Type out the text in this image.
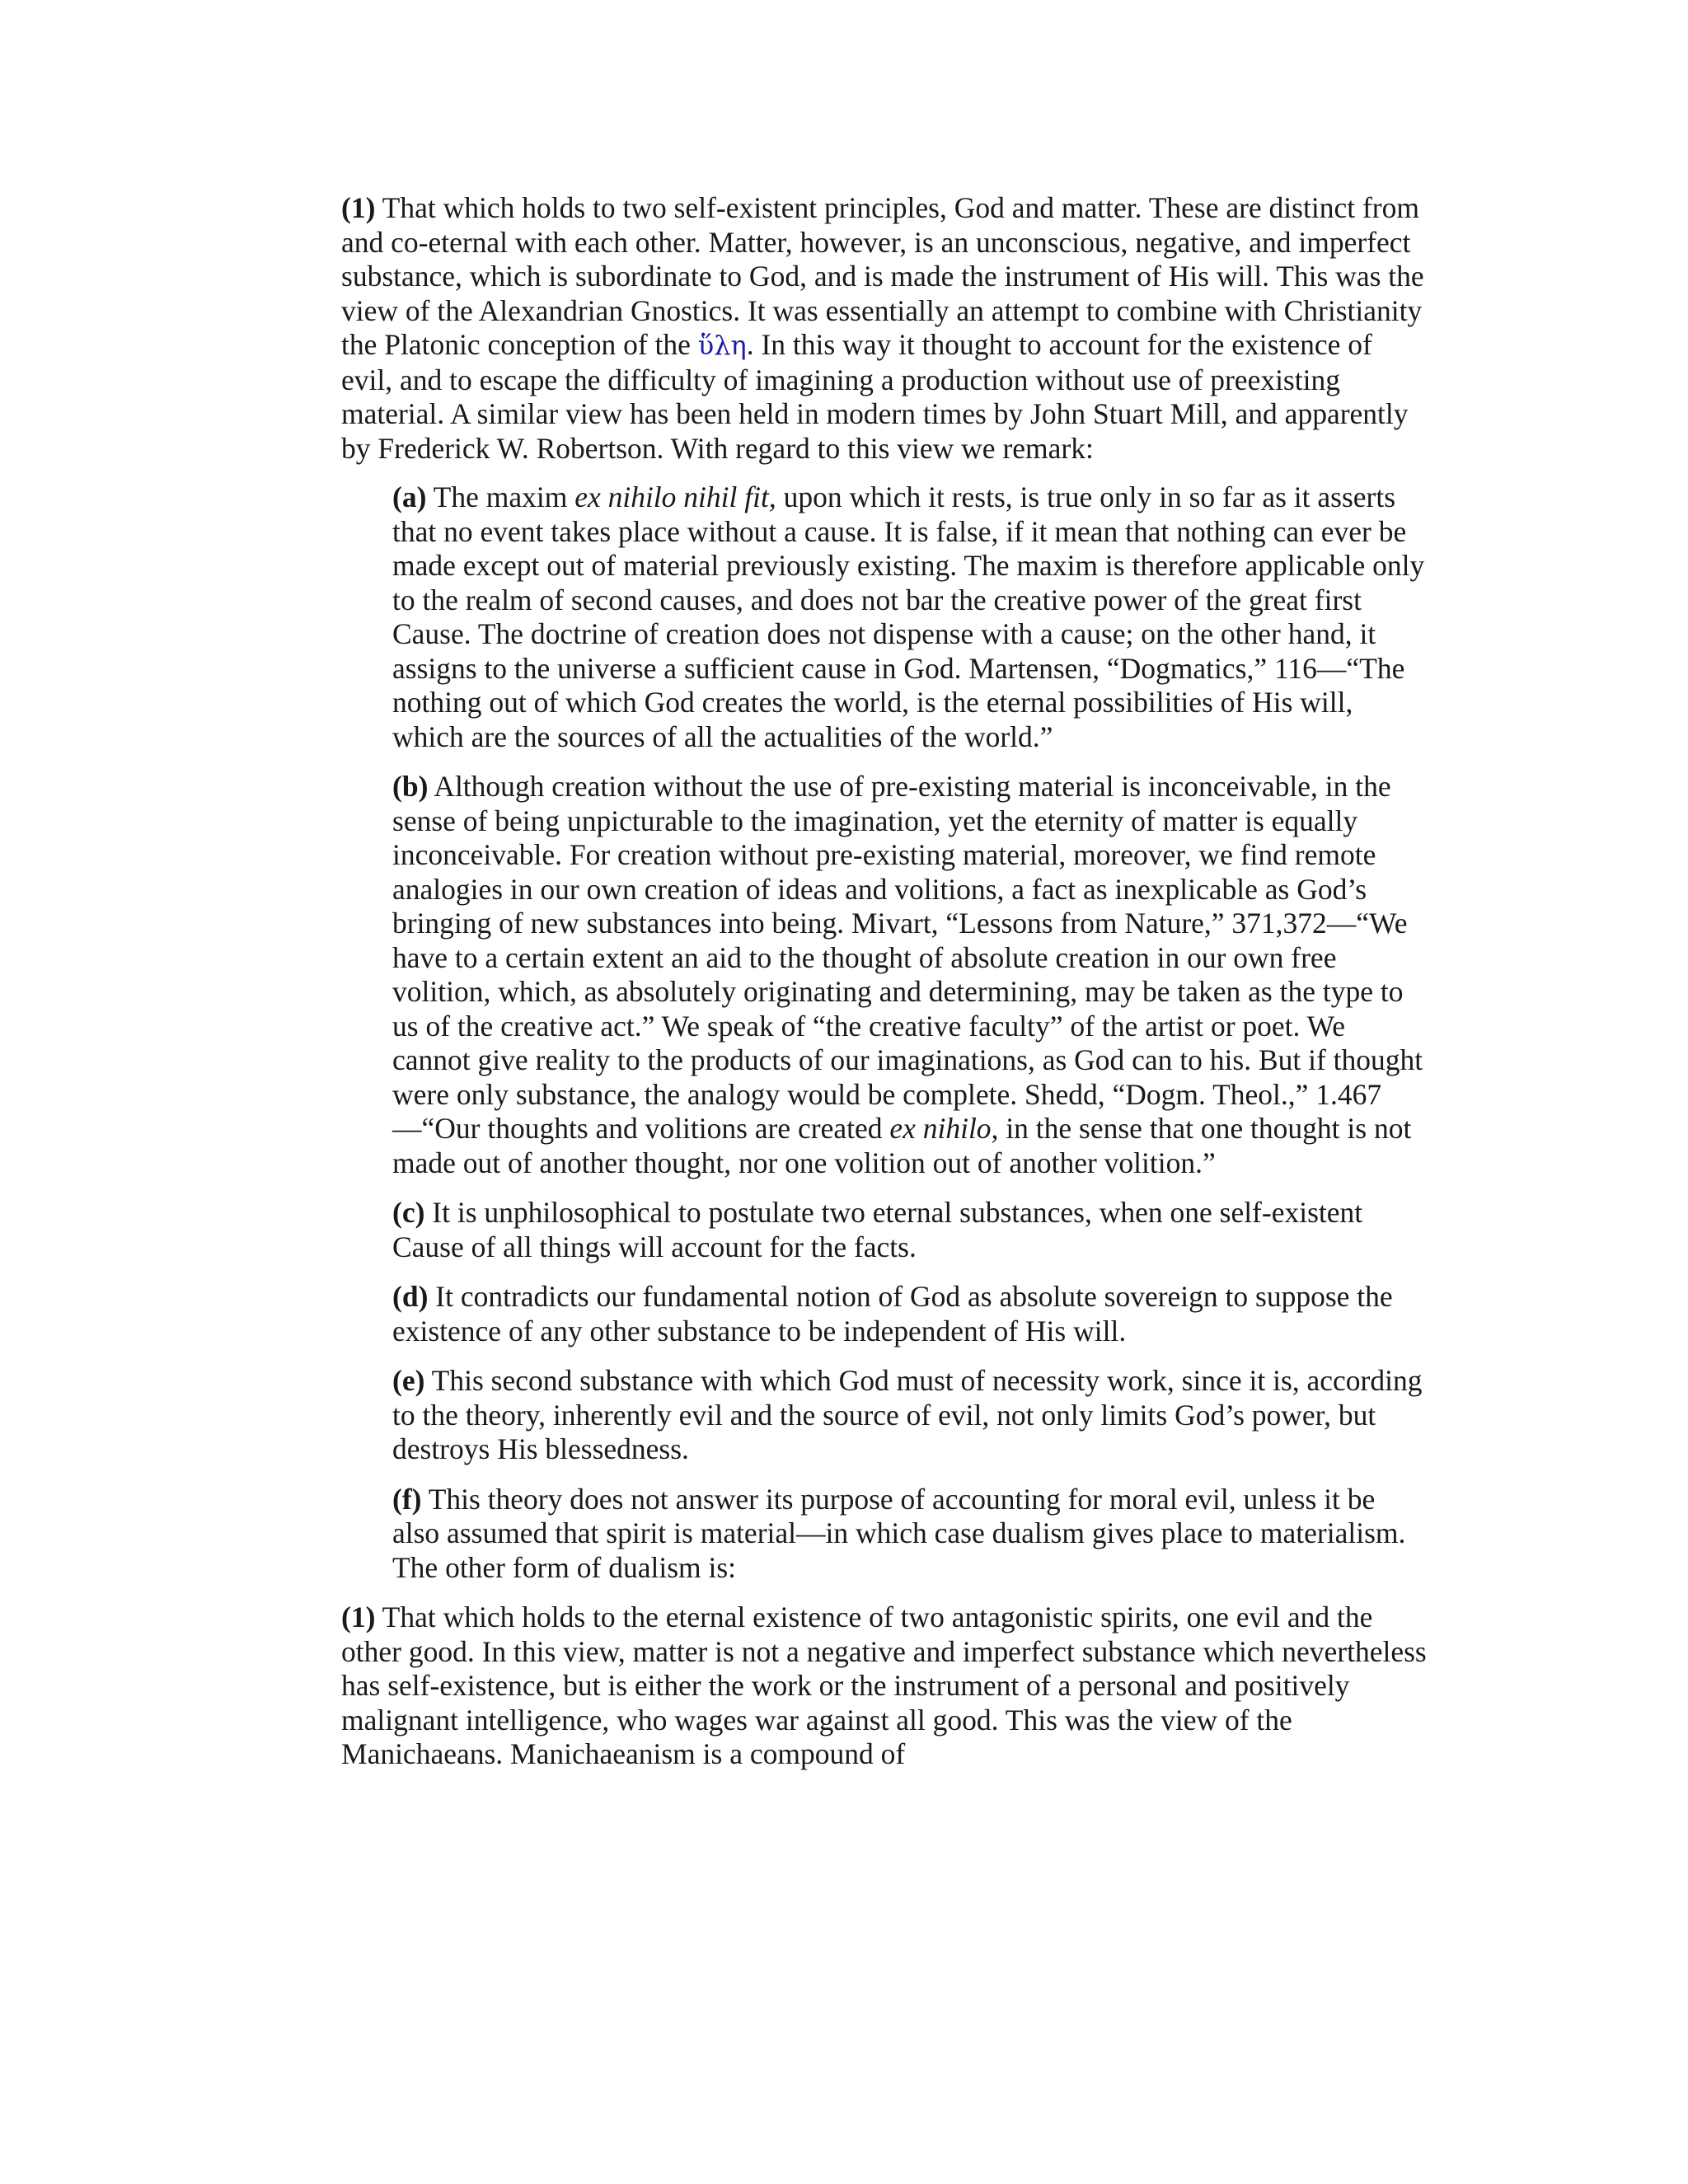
(1) That which holds to two self-existent principles, God and matter. These are distinct from and co-eternal with each other. Matter, however, is an unconscious, negative, and imperfect substance, which is subordinate to God, and is made the instrument of His will. This was the view of the Alexandrian Gnostics. It was essentially an attempt to combine with Christianity the Platonic conception of the ὕλη. In this way it thought to account for the existence of evil, and to escape the difficulty of imagining a production without use of preexisting material. A similar view has been held in modern times by John Stuart Mill, and apparently by Frederick W. Robertson. With regard to this view we remark:

(a) The maxim ex nihilo nihil fit, upon which it rests, is true only in so far as it asserts that no event takes place without a cause. It is false, if it mean that nothing can ever be made except out of material previously existing. The maxim is therefore applicable only to the realm of second causes, and does not bar the creative power of the great first Cause. The doctrine of creation does not dispense with a cause; on the other hand, it assigns to the universe a sufficient cause in God. Martensen, “Dogmatics,” 116—“The nothing out of which God creates the world, is the eternal possibilities of His will, which are the sources of all the actualities of the world.”

(b) Although creation without the use of pre-existing material is inconceivable, in the sense of being unpicturable to the imagination, yet the eternity of matter is equally inconceivable. For creation without pre-existing material, moreover, we find remote analogies in our own creation of ideas and volitions, a fact as inexplicable as God’s bringing of new substances into being. Mivart, “Lessons from Nature,” 371,372—“We have to a certain extent an aid to the thought of absolute creation in our own free volition, which, as absolutely originating and determining, may be taken as the type to us of the creative act.” We speak of “the creative faculty” of the artist or poet. We cannot give reality to the products of our imaginations, as God can to his. But if thought were only substance, the analogy would be complete. Shedd, “Dogm. Theol.,” 1.467—“Our thoughts and volitions are created ex nihilo, in the sense that one thought is not made out of another thought, nor one volition out of another volition.”

(c) It is unphilosophical to postulate two eternal substances, when one self-existent Cause of all things will account for the facts.

(d) It contradicts our fundamental notion of God as absolute sovereign to suppose the existence of any other substance to be independent of His will.

(e) This second substance with which God must of necessity work, since it is, according to the theory, inherently evil and the source of evil, not only limits God’s power, but destroys His blessedness.

(f) This theory does not answer its purpose of accounting for moral evil, unless it be also assumed that spirit is material—in which case dualism gives place to materialism. The other form of dualism is:

(1) That which holds to the eternal existence of two antagonistic spirits, one evil and the other good. In this view, matter is not a negative and imperfect substance which nevertheless has self-existence, but is either the work or the instrument of a personal and positively malignant intelligence, who wages war against all good. This was the view of the Manichaeans. Manichaeanism is a compound of
